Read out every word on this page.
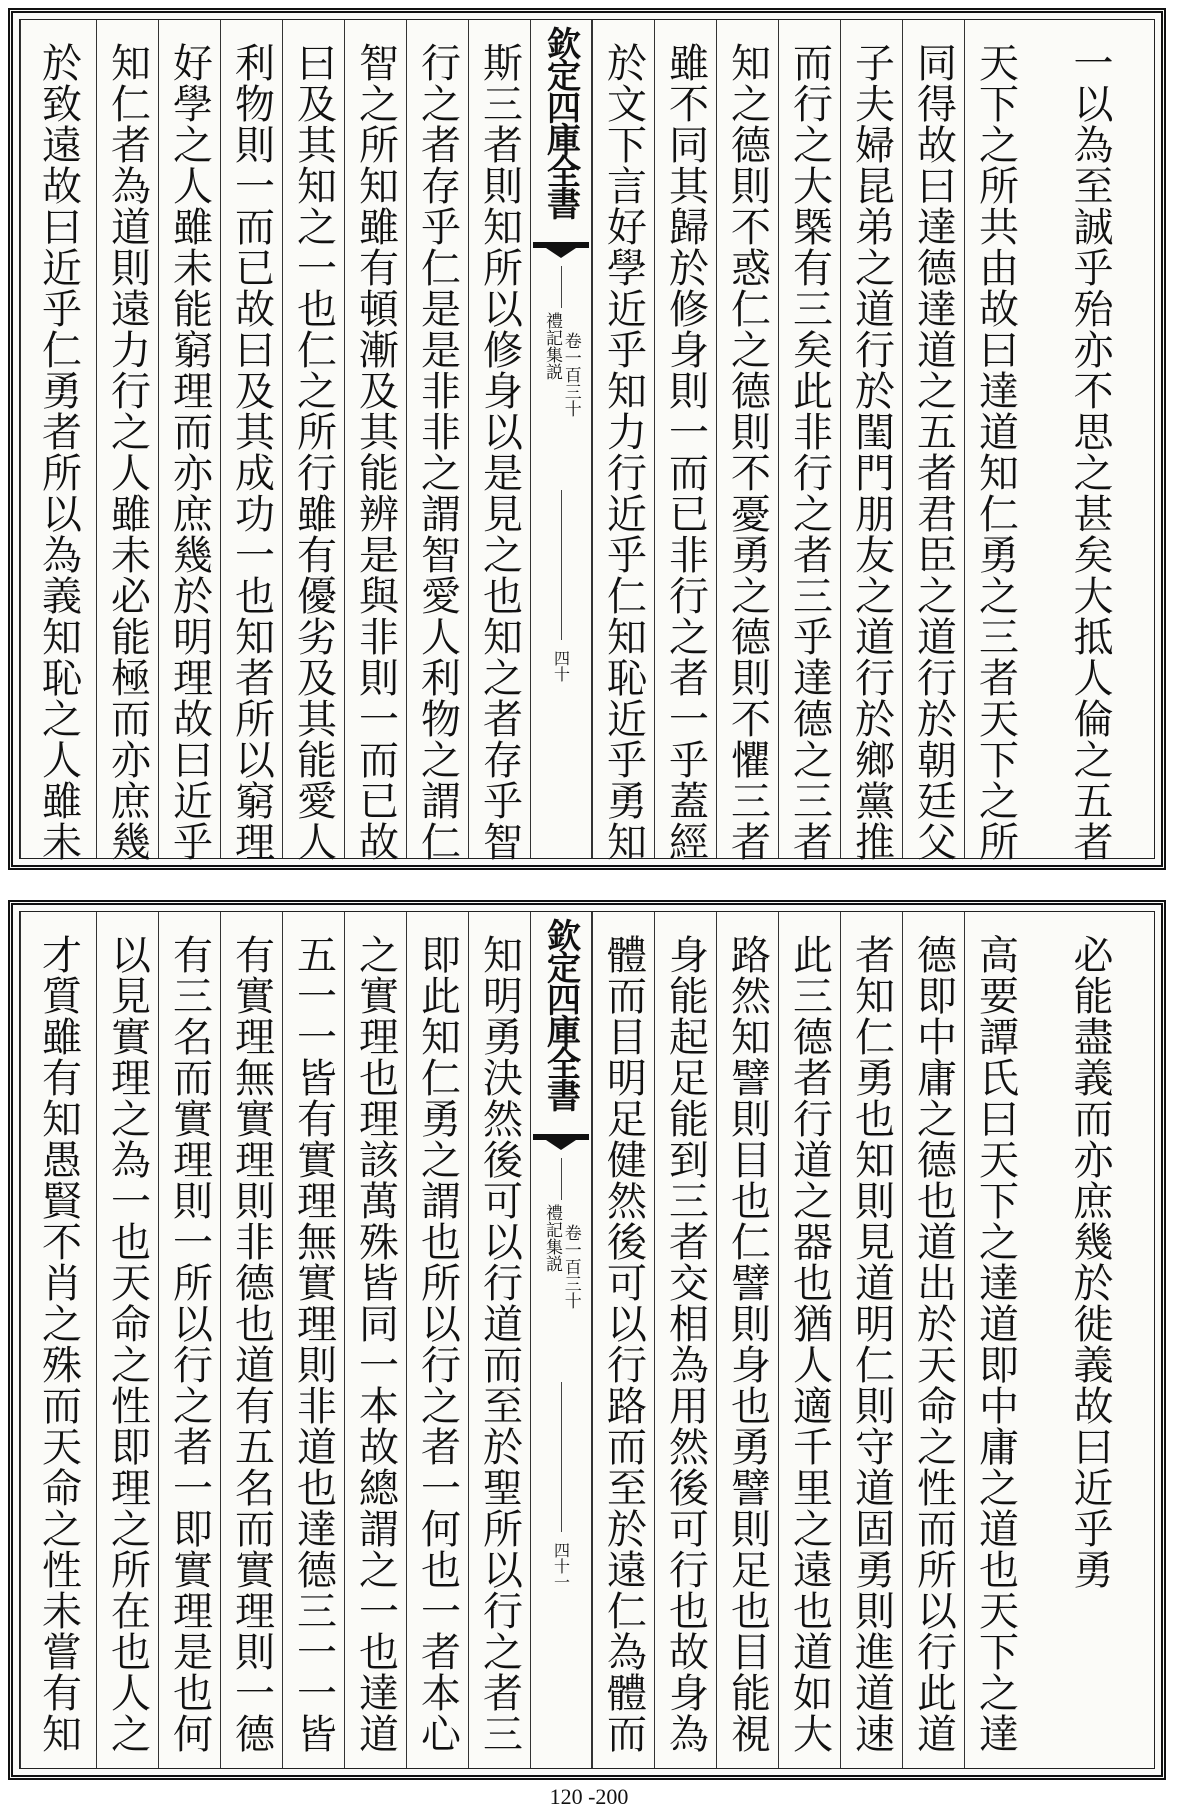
一以為至誠乎殆亦不思之甚矣大抵人倫之五者
天下之所共由故曰達道知仁勇之三者天下之所
同得故曰達德達道之五者君臣之道行於朝廷父
子夫婦昆弟之道行於閨門朋友之道行於鄉黨推
而行之大槩有三矣此非行之者三乎達德之三者
知之德則不惑仁之德則不憂勇之德則不懼三者
雖不同其歸於修身則一而已非行之者一乎蓋經
於文下言好學近乎知力行近乎仁知恥近乎勇知
欽定四庫全書
禮記集説
卷一百三十
四十
斯三者則知所以修身以是見之也知之者存乎智
行之者存乎仁是是非非之謂智愛人利物之謂仁
智之所知雖有頓漸及其能辨是與非則一而已故
曰及其知之一也仁之所行雖有優劣及其能愛人
利物則一而已故曰及其成功一也知者所以窮理
好學之人雖未能窮理而亦庶幾於明理故曰近乎
知仁者為道則遠力行之人雖未必能極而亦庶幾
於致遠故曰近乎仁勇者所以為義知恥之人雖未
必能盡義而亦庶幾於徙義故曰近乎勇
高要譚氏曰天下之達道即中庸之道也天下之達
德即中庸之德也道出於天命之性而所以行此道
者知仁勇也知則見道明仁則守道固勇則進道速
此三德者行道之器也猶人適千里之遠也道如大
路然知譬則目也仁譬則身也勇譬則足也目能視
身能起足能到三者交相為用然後可行也故身為
體而目明足健然後可以行路而至於遠仁為體而
欽定四庫全書
禮記集説
卷一百三十
四十一
知明勇決然後可以行道而至於聖所以行之者三
即此知仁勇之謂也所以行之者一何也一者本心
之實理也理該萬殊皆同一本故總謂之一也達道
五一一皆有實理無實理則非道也達德三一一皆
有實理無實理則非德也道有五名而實理則一德
有三名而實理則一所以行之者一即實理是也何
以見實理之為一也天命之性即理之所在也人之
才質雖有知愚賢不肖之殊而天命之性未嘗有知
120 -200
